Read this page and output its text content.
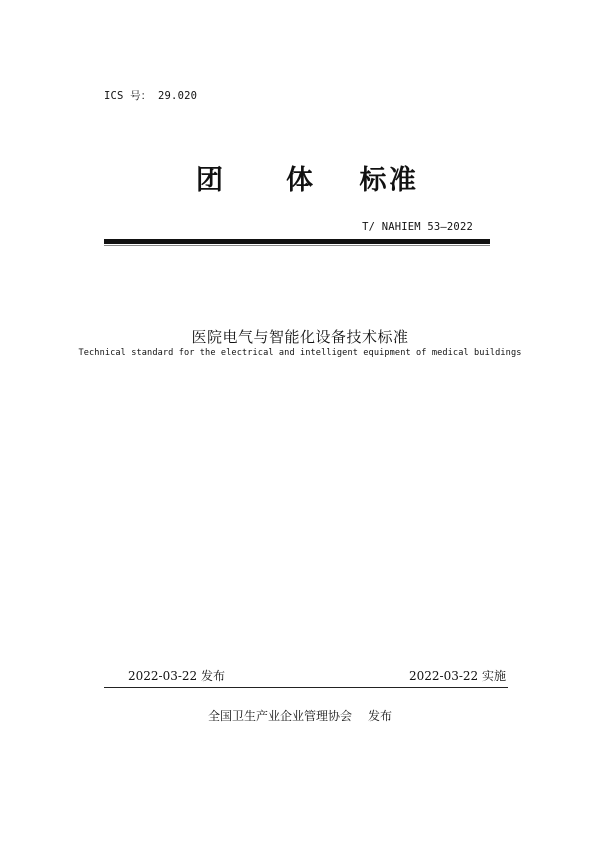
ICS 号： 29.020
团 体 标 准
T/ NAHIEM 53—2022
医院电气与智能化设备技术标准
Technical standard for the electrical and intelligent equipment of medical buildings
2022-03-22 发布	2022-03-22 实施
全国卫生产业企业管理协会 发布
